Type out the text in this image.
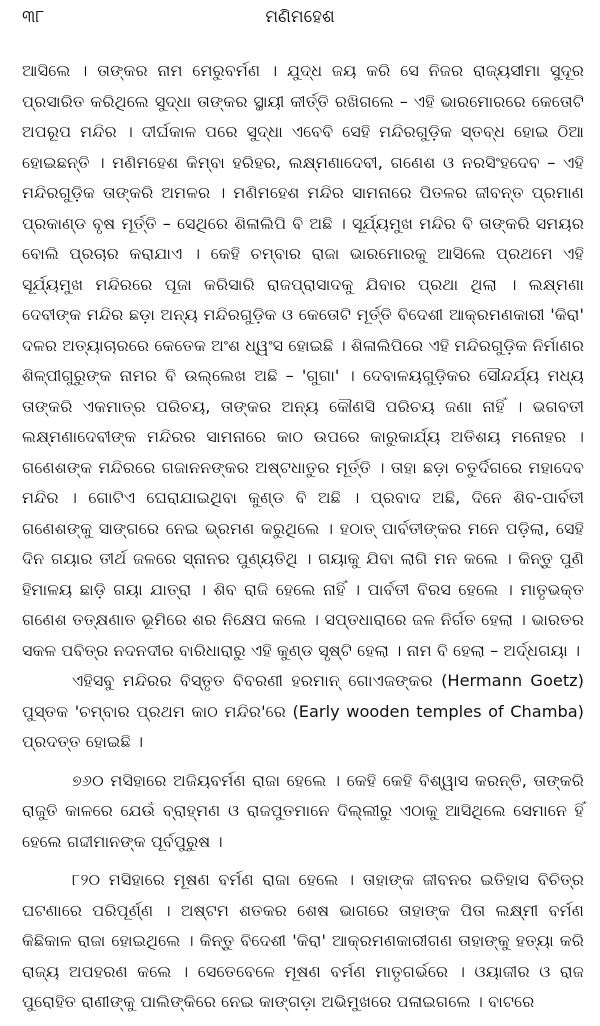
୩୮	ମଣିମହେଶ

ଆସିଲେ । ତାଙ୍କର ନାମ ମେରୁବର୍ମଣ । ଯୁଦ୍ଧ ଜୟ କରି ସେ ନିଜର ରାଜ୍ୟସୀମା ସୁଦୂର ପ୍ରସାରିତ କରିଥିଲେ ସୁଦ୍ଧା ତାଙ୍କର ସ୍ଥାୟୀ କୀର୍ତ୍ତି ରଖିଗଲେ – ଏହି ଭାରମୋରରେ କେତୋଟି ଅପରୂପ ମନ୍ଦିର । ଦୀର୍ଘକାଳ ପରେ ସୁଦ୍ଧା ଏବେବି ସେହି ମନ୍ଦିରଗୁଡ଼ିକ ସ୍ତବ୍ଧ ହୋଇ ଠିଆ ହୋଇଛନ୍ତି । ମଣିମହେଶ କିମ୍ବା ହରିହର, ଲକ୍ଷ୍ମଣାଦେବୀ, ଗଣେଶ ଓ ନରସିଂହଦେବ – ଏହି ମନ୍ଦିରଗୁଡ଼ିକ ତାଙ୍କରି ଅମଳର । ମଣିମହେଶ ମନ୍ଦିର ସାମନାରେ ପିତଳର ଜୀବନ୍ତ ପ୍ରମାଣ ପ୍ରକାଣ୍ଡ ବୃଷ ମୂର୍ତ୍ତି – ସେଥିରେ ଶିଳାଲିପି ବି ଅଛି । ସୂର୍ଯ୍ୟମୁଖ ମନ୍ଦିର ବି ତାଙ୍କରି ସମୟର ବୋଲି ପ୍ରଚାର କରାଯାଏ । କେହି ଚମ୍ବାର ରାଜା ଭାରମୋରକୁ ଆସିଲେ ପ୍ରଥମେ ଏହି ସୂର୍ଯ୍ୟମୁଖ ମନ୍ଦିରରେ ପୂଜା କରିସାରି ରାଜପ୍ରାସାଦକୁ ଯିବାର ପ୍ରଥା ଥିଲା । ଲକ୍ଷ୍ମଣା ଦେବୀଙ୍କ ମନ୍ଦିର ଛଡ଼ା ଅନ୍ୟ ମନ୍ଦିରଗୁଡ଼ିକ ଓ କେତୋଟି ମୂର୍ତ୍ତି ବିଦେଶୀ ଆକ୍ରମଣକାରୀ 'କିରା' ଦଳର ଅତ୍ୟାଚାରରେ କେତେକ ଅଂଶ ଧ୍ୱଂସ ହୋଇଛି । ଶିଳାଲିପିରେ ଏହି ମନ୍ଦିରଗୁଡ଼ିକ ନିର୍ମାଣର ଶିଳ୍ପୀଗୁରୁଙ୍କ ନାମର ବି ଉଲ୍ଲେଖ ଅଛି – 'ଗୁଗା' । ଦେବାଳୟଗୁଡ଼ିକର ସୌନ୍ଦର୍ଯ୍ୟ ମଧ୍ୟ ତାଙ୍କରି ଏକମାତ୍ର ପରିଚୟ, ତାଙ୍କର ଅନ୍ୟ କୌଣସି ପରିଚୟ ଜଣା ନାହିଁ । ଭଗବତୀ ଲକ୍ଷ୍ମଣାଦେବୀଙ୍କ ମନ୍ଦିରର ସାମନାରେ କାଠ ଉପରେ କାରୁକାର୍ଯ୍ୟ ଅତିଶୟ ମନୋହର । ଗଣେଶଙ୍କ ମନ୍ଦିରରେ ଗଜାନନଙ୍କର ଅଷ୍ଟଧାତୁର ମୂର୍ତ୍ତି । ତାହା ଛଡ଼ା ଚତୁର୍ଦିଗରେ ମହାଦେବ ମନ୍ଦିର । ଗୋଟିଏ ଘେରାଯାଇଥିବା କୁଣ୍ଡ ବି ଅଛି । ପ୍ରବାଦ ଅଛି, ଦିନେ ଶିବ-ପାର୍ବତୀ ଗଣେଶଙ୍କୁ ସାଙ୍ଗରେ ନେଇ ଭ୍ରମଣ କରୁଥିଲେ । ହଠାତ୍ ପାର୍ବତୀଙ୍କର ମନେ ପଡ଼ିଲା, ସେହି ଦିନ ଗୟାର ତୀର୍ଥ ଜଳରେ ସ୍ନାନର ପୁଣ୍ୟତିଥି । ଗୟାକୁ ଯିବା ଲାଗି ମନ କଲେ । କିନ୍ତୁ ପୁଣି ହିମାଳୟ ଛାଡ଼ି ଗୟା ଯାତ୍ରା । ଶିବ ରାଜି ହେଲେ ନାହିଁ । ପାର୍ବତୀ ବିରସ ହେଲେ । ମାତୃଭକ୍ତ ଗଣେଶ ତତ୍‌କ୍ଷଣାତ ଭୂମିରେ ଶର ନିକ୍ଷେପ କଲେ । ସପ୍ତଧାରାରେ ଜଳ ନିର୍ଗତ ହେଲା । ଭାରତର ସକଳ ପବିତ୍ର ନଦନଦୀର ବାରିଧାରାରୁ ଏହି କୁଣ୍ଡ ସୃଷ୍ଟି ହେଲା । ନାମ ବି ହେଲା – ଅର୍ଦ୍ଧଗୟା ।

ଏହିସବୁ ମନ୍ଦିରର ବିସ୍ତୃତ ବିବରଣୀ ହରମାନ୍ ଗୋଏଜଙ୍କର (Hermann Goetz) ପୁସ୍ତକ 'ଚମ୍ବାର ପ୍ରଥମ କାଠ ମନ୍ଦିର'ରେ (Early wooden temples of Chamba) ପ୍ରଦତ୍ତ ହୋଇଛି ।

୭୬୦ ମସିହାରେ ଅଜିୟବର୍ମଣ ରାଜା ହେଲେ । କେହି କେହି ବିଶ୍ୱାସ କରନ୍ତି, ତାଙ୍କରି ରାଜୁତି କାଳରେ ଯେଉଁ ବ୍ରାହ୍ମଣ ଓ ରାଜପୁତମାନେ ଦିଲ୍ଲୀରୁ ଏଠାକୁ ଆସିଥିଲେ ସେମାନେ ହିଁ ହେଲେ ଗଦ୍ଦୀମାନଙ୍କ ପୂର୍ବପୁରୁଷ ।

୮୨୦ ମସିହାରେ ମୂଷଣ ବର୍ମଣ ରାଜା ହେଲେ । ତାହାଙ୍କ ଜୀବନର ଇତିହାସ ବିଚିତ୍ର ଘଟଣାରେ ପରିପୂର୍ଣ୍ଣ । ଅଷ୍ଟମ ଶତକର ଶେଷ ଭାଗରେ ତାହାଙ୍କ ପିତା ଲକ୍ଷ୍ମୀ ବର୍ମଣ କିଛିକାଳ ରାଜା ହୋଇଥିଲେ । କିନ୍ତୁ ବିଦେଶୀ 'କିରା' ଆକ୍ରମଣକାରୀଗଣ ତାହାଙ୍କୁ ହତ୍ୟା କରି ରାଜ୍ୟ ଅପହରଣ କଲେ । ସେତେବେଳେ ମୂଷଣ ବର୍ମଣ ମାତୃଗର୍ଭରେ । ଓୟାଜୀର ଓ ରାଜ ପୁରୋହିତ ରାଣୀଙ୍କୁ ପାଲିଙ୍କିରେ ନେଇ କାଙ୍ଗଡ଼ା ଅଭିମୁଖରେ ପଳାଇଗଲେ । ବାଟରେ
